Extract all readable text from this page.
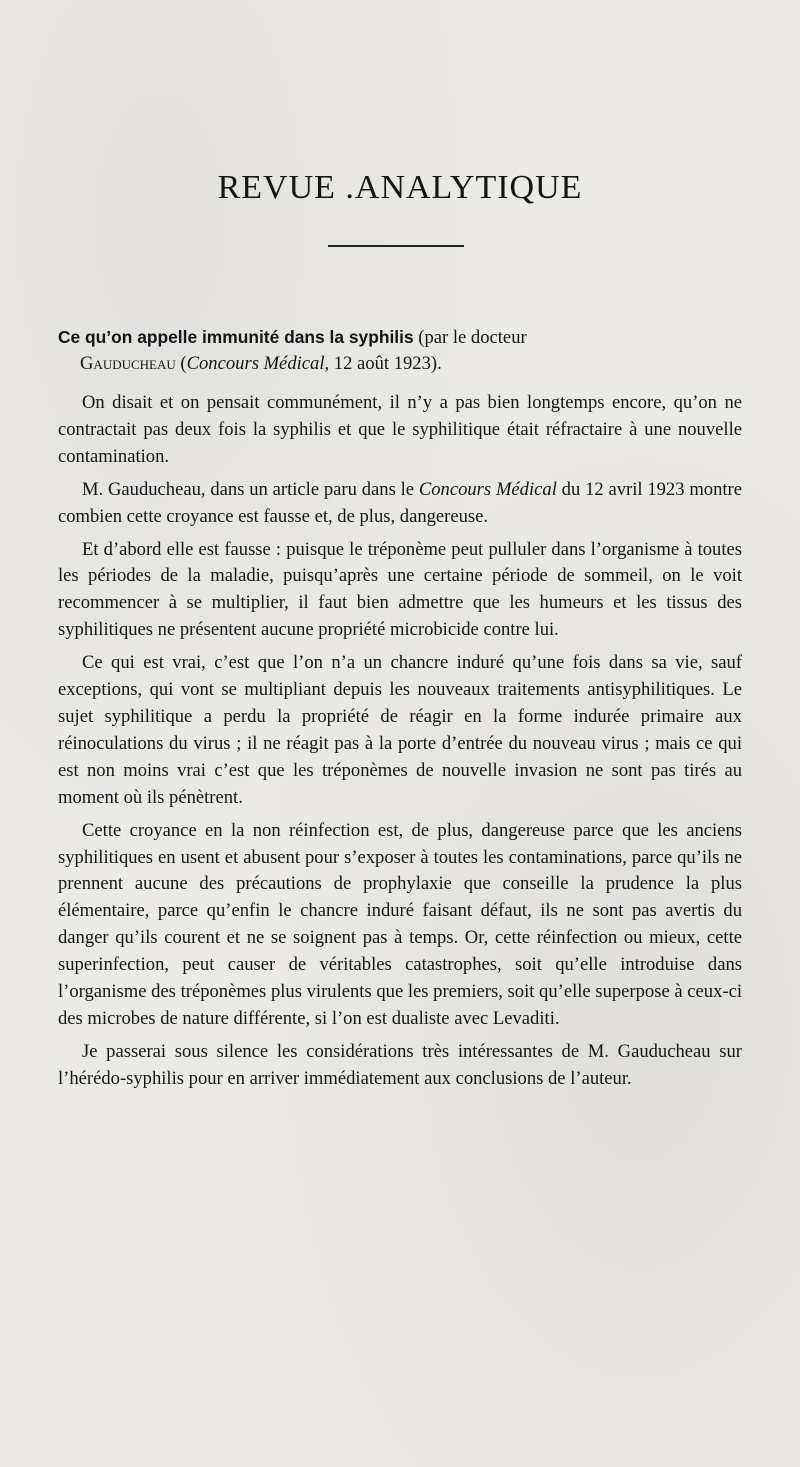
REVUE .ANALYTIQUE
Ce qu’on appelle immunité dans la syphilis (par le docteur
Gauducheau (Concours Médical, 12 août 1923).

On disait et on pensait communément, il n’y a pas bien longtemps encore, qu’on ne contractait pas deux fois la syphilis et que le syphilitique était réfractaire à une nouvelle contamination.

M. Gauducheau, dans un article paru dans le Concours Médical du 12 avril 1923 montre combien cette croyance est fausse et, de plus, dangereuse.

Et d’abord elle est fausse : puisque le tréponème peut pulluler dans l’organisme à toutes les périodes de la maladie, puisqu’après une certaine période de sommeil, on le voit recommencer à se multiplier, il faut bien admettre que les humeurs et les tissus des syphilitiques ne présentent aucune propriété microbicide contre lui.

Ce qui est vrai, c’est que l’on n’a un chancre induré qu’une fois dans sa vie, sauf exceptions, qui vont se multipliant depuis les nouveaux traitements antisyphilitiques. Le sujet syphilitique a perdu la propriété de réagir en la forme indurée primaire aux réinoculations du virus ; il ne réagit pas à la porte d’entrée du nouveau virus ; mais ce qui est non moins vrai c’est que les tréponèmes de nouvelle invasion ne sont pas tirés au moment où ils pénètrent.

Cette croyance en la non réinfection est, de plus, dangereuse parce que les anciens syphilitiques en usent et abusent pour s’exposer à toutes les contaminations, parce qu’ils ne prennent aucune des précautions de prophylaxie que conseille la prudence la plus élémentaire, parce qu’enfin le chancre induré faisant défaut, ils ne sont pas avertis du danger qu’ils courent et ne se soignent pas à temps. Or, cette réinfection ou mieux, cette superinfection, peut causer de véritables catastrophes, soit qu’elle introduise dans l’organisme des tréponèmes plus virulents que les premiers, soit qu’elle superpose à ceux-ci des microbes de nature différente, si l’on est dualiste avec Levaditi.

Je passerai sous silence les considérations très intéressantes de M. Gauducheau sur l’hérédo-syphilis pour en arriver immédiatement aux conclusions de l’auteur.
